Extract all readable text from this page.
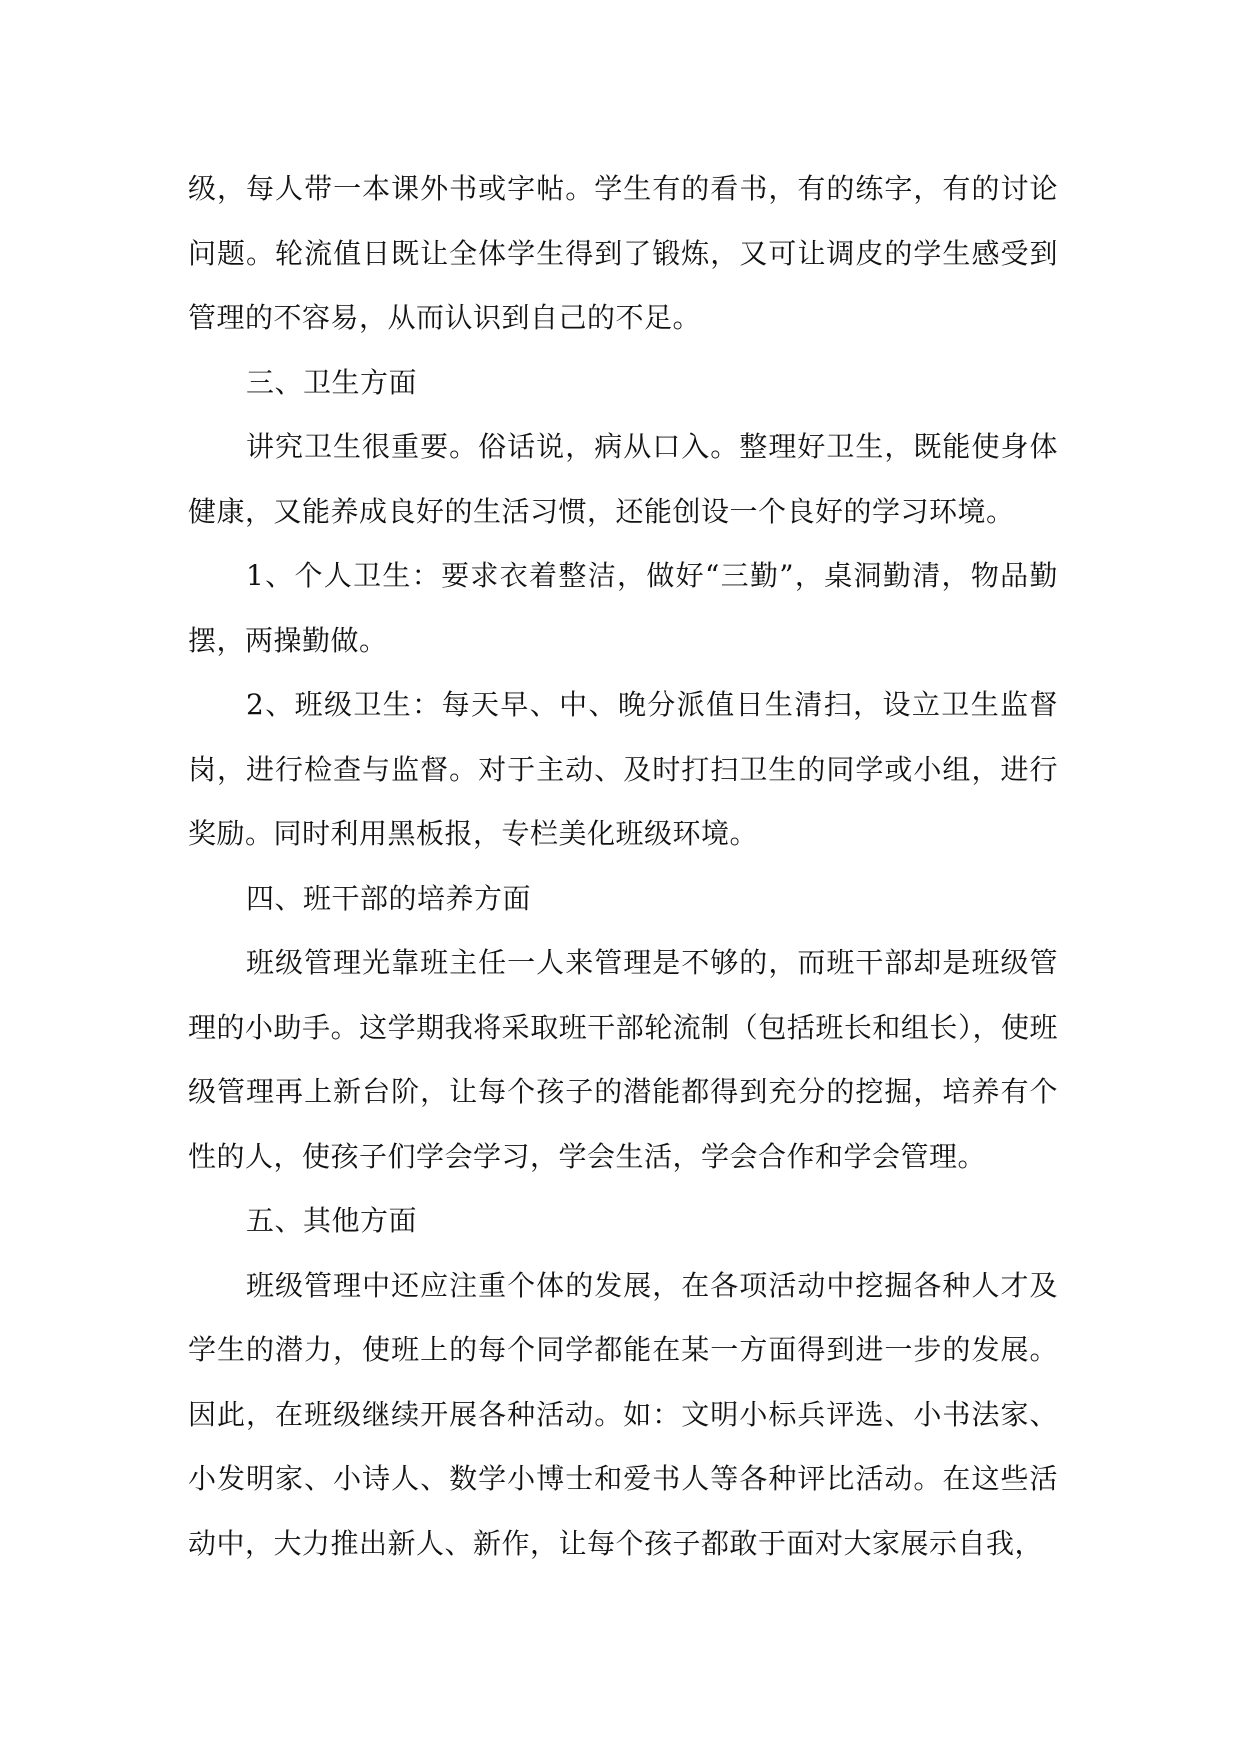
级，每人带一本课外书或字帖。学生有的看书，有的练字，有的讨论问题。轮流值日既让全体学生得到了锻炼，又可让调皮的学生感受到管理的不容易，从而认识到自己的不足。

三、卫生方面

讲究卫生很重要。俗话说，病从口入。整理好卫生，既能使身体健康，又能养成良好的生活习惯，还能创设一个良好的学习环境。

1、个人卫生：要求衣着整洁，做好“三勤”，桌洞勤清，物品勤摆，两操勤做。

2、班级卫生：每天早、中、晚分派值日生清扫，设立卫生监督岗，进行检查与监督。对于主动、及时打扫卫生的同学或小组，进行奖励。同时利用黑板报，专栏美化班级环境。

四、班干部的培养方面

班级管理光靠班主任一人来管理是不够的，而班干部却是班级管理的小助手。这学期我将采取班干部轮流制（包括班长和组长），使班级管理再上新台阶，让每个孩子的潜能都得到充分的挖掘，培养有个性的人，使孩子们学会学习，学会生活，学会合作和学会管理。

五、其他方面

班级管理中还应注重个体的发展，在各项活动中挖掘各种人才及学生的潜力，使班上的每个同学都能在某一方面得到进一步的发展。因此，在班级继续开展各种活动。如：文明小标兵评选、小书法家、小发明家、小诗人、数学小博士和爱书人等各种评比活动。在这些活动中，大力推出新人、新作，让每个孩子都敢于面对大家展示自我，
